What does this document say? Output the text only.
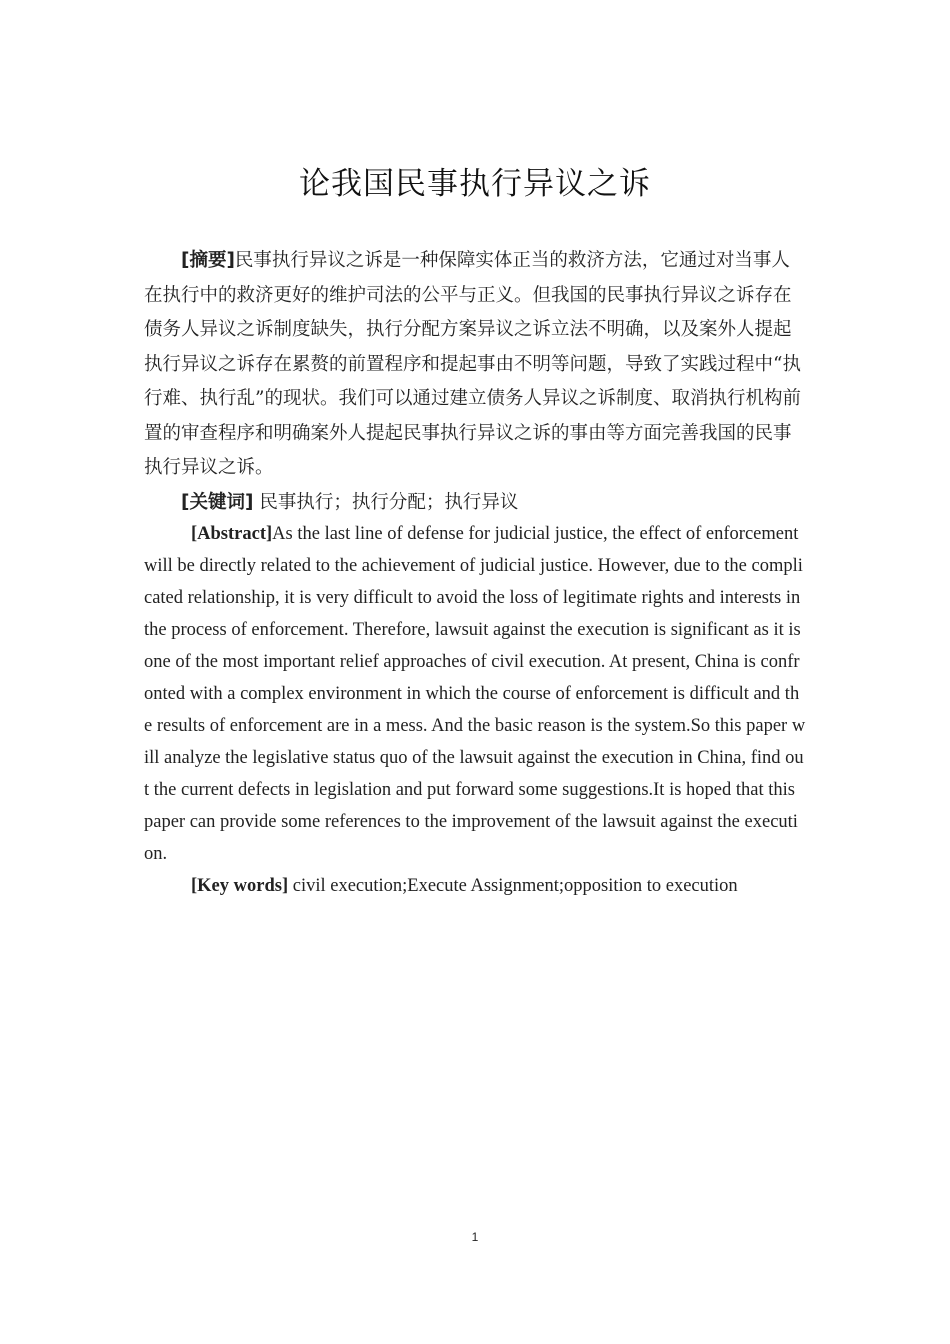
论我国民事执行异议之诉

[摘要]民事执行异议之诉是一种保障实体正当的救济方法，它通过对当事人在执行中的救济更好的维护司法的公平与正义。但我国的民事执行异议之诉存在债务人异议之诉制度缺失，执行分配方案异议之诉立法不明确，以及案外人提起执行异议之诉存在累赘的前置程序和提起事由不明等问题，导致了实践过程中“执行难、执行乱”的现状。我们可以通过建立债务人异议之诉制度、取消执行机构前置的审查程序和明确案外人提起民事执行异议之诉的事由等方面完善我国的民事执行异议之诉。

[关键词] 民事执行；执行分配；执行异议

[Abstract]As the last line of defense for judicial justice, the effect of enforcement will be directly related to the achievement of judicial justice. However, due to the complicated relationship, it is very difficult to avoid the loss of legitimate rights and interests in the process of enforcement. Therefore, lawsuit against the execution is significant as it is one of the most important relief approaches of civil execution. At present, China is confronted with a complex environment in which the course of enforcement is difficult and the results of enforcement are in a mess. And the basic reason is the system.So this paper will analyze the legislative status quo of the lawsuit against the execution in China, find out the current defects in legislation and put forward some suggestions.It is hoped that this paper can provide some references to the improvement of the lawsuit against the execution.

[Key words] civil execution;Execute Assignment;opposition to execution

1
